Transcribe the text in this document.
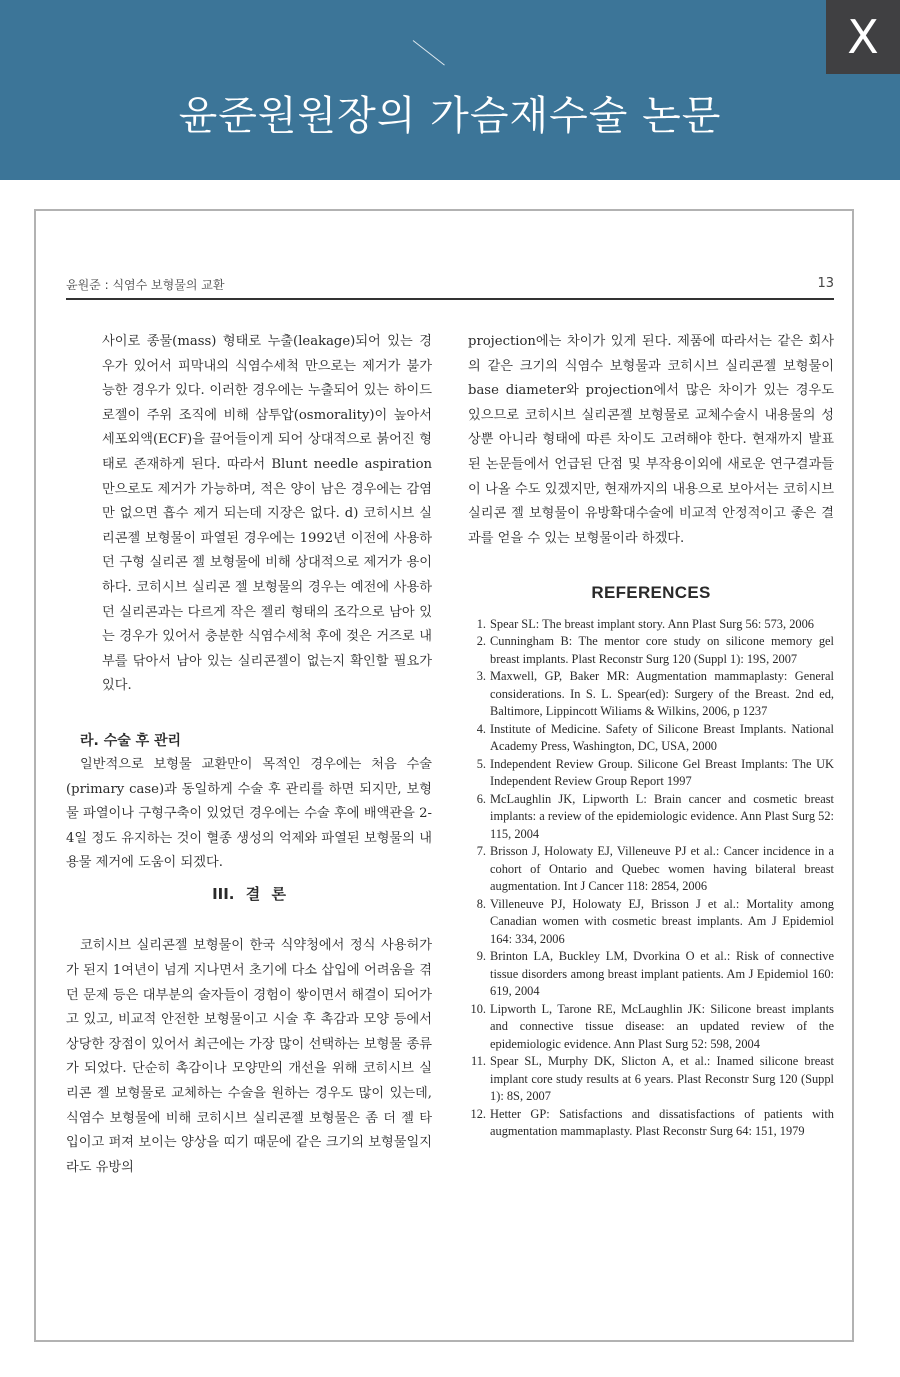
윤준원원장의 가슴재수술 논문
X
윤원준 : 식염수 보형물의 교환	13

사이로 종물(mass) 형태로 누출(leakage)되어 있는 경우가 있어서 피막내의 식염수세척 만으로는 제거가 불가능한 경우가 있다. 이러한 경우에는 누출되어 있는 하이드로젤이 주위 조직에 비해 삼투압(osmorality)이 높아서 세포외액(ECF)을 끌어들이게 되어 상대적으로 붉어진 형태로 존재하게 된다. 따라서 Blunt needle aspiration 만으로도 제거가 가능하며, 적은 양이 남은 경우에는 감염만 없으면 흡수 제거 되는데 지장은 없다. d) 코히시브 실리콘젤 보형물이 파열된 경우에는 1992년 이전에 사용하던 구형 실리콘 젤 보형물에 비해 상대적으로 제거가 용이하다. 코히시브 실리콘 젤 보형물의 경우는 예전에 사용하던 실리콘과는 다르게 작은 젤리 형태의 조각으로 남아 있는 경우가 있어서 충분한 식염수세척 후에 젖은 거즈로 내부를 닦아서 남아 있는 실리콘젤이 없는지 확인할 필요가 있다.

라. 수술 후 관리

일반적으로 보형물 교환만이 목적인 경우에는 처음 수술(primary case)과 동일하게 수술 후 관리를 하면 되지만, 보형물 파열이나 구형구축이 있었던 경우에는 수술 후에 배액관을 2-4일 정도 유지하는 것이 혈종 생성의 억제와 파열된 보형물의 내용물 제거에 도움이 되겠다.

III. 결 론

코히시브 실리콘젤 보형물이 한국 식약청에서 정식 사용허가가 된지 1여년이 넘게 지나면서 초기에 다소 삽입에 어려움을 겪던 문제 등은 대부분의 술자들이 경험이 쌓이면서 해결이 되어가고 있고, 비교적 안전한 보형물이고 시술 후 촉감과 모양 등에서 상당한 장점이 있어서 최근에는 가장 많이 선택하는 보형물 종류가 되었다. 단순히 촉감이나 모양만의 개선을 위해 코히시브 실리콘 젤 보형물로 교체하는 수술을 원하는 경우도 많이 있는데, 식염수 보형물에 비해 코히시브 실리콘젤 보형물은 좀 더 젤 타입이고 퍼져 보이는 양상을 띠기 때문에 같은 크기의 보형물일지라도 유방의

projection에는 차이가 있게 된다. 제품에 따라서는 같은 회사의 같은 크기의 식염수 보형물과 코히시브 실리콘젤 보형물이 base diameter와 projection에서 많은 차이가 있는 경우도 있으므로 코히시브 실리콘젤 보형물로 교체수술시 내용물의 성상뿐 아니라 형태에 따른 차이도 고려해야 한다. 현재까지 발표된 논문들에서 언급된 단점 및 부작용이외에 새로운 연구결과들이 나올 수도 있겠지만, 현재까지의 내용으로 보아서는 코히시브 실리콘 젤 보형물이 유방확대수술에 비교적 안정적이고 좋은 결과를 얻을 수 있는 보형물이라 하겠다.

REFERENCES
1. Spear SL: The breast implant story. Ann Plast Surg 56: 573, 2006
2. Cunningham B: The mentor core study on silicone memory gel breast implants. Plast Reconstr Surg 120 (Suppl 1): 19S, 2007
3. Maxwell, GP, Baker MR: Augmentation mammaplasty: General considerations. In S. L. Spear(ed): Surgery of the Breast. 2nd ed, Baltimore, Lippincott Wiliams & Wilkins, 2006, p 1237
4. Institute of Medicine. Safety of Silicone Breast Implants. National Academy Press, Washington, DC, USA, 2000
5. Independent Review Group. Silicone Gel Breast Implants: The UK Independent Review Group Report 1997
6. McLaughlin JK, Lipworth L: Brain cancer and cosmetic breast implants: a review of the epidemiologic evidence. Ann Plast Surg 52: 115, 2004
7. Brisson J, Holowaty EJ, Villeneuve PJ et al.: Cancer incidence in a cohort of Ontario and Quebec women having bilateral breast augmentation. Int J Cancer 118: 2854, 2006
8. Villeneuve PJ, Holowaty EJ, Brisson J et al.: Mortality among Canadian women with cosmetic breast implants. Am J Epidemiol 164: 334, 2006
9. Brinton LA, Buckley LM, Dvorkina O et al.: Risk of connective tissue disorders among breast implant patients. Am J Epidemiol 160: 619, 2004
10. Lipworth L, Tarone RE, McLaughlin JK: Silicone breast implants and connective tissue disease: an updated review of the epidemiologic evidence. Ann Plast Surg 52: 598, 2004
11. Spear SL, Murphy DK, Slicton A, et al.: Inamed silicone breast implant core study results at 6 years. Plast Reconstr Surg 120 (Suppl 1): 8S, 2007
12. Hetter GP: Satisfactions and dissatisfactions of patients with augmentation mammaplasty. Plast Reconstr Surg 64: 151, 1979
